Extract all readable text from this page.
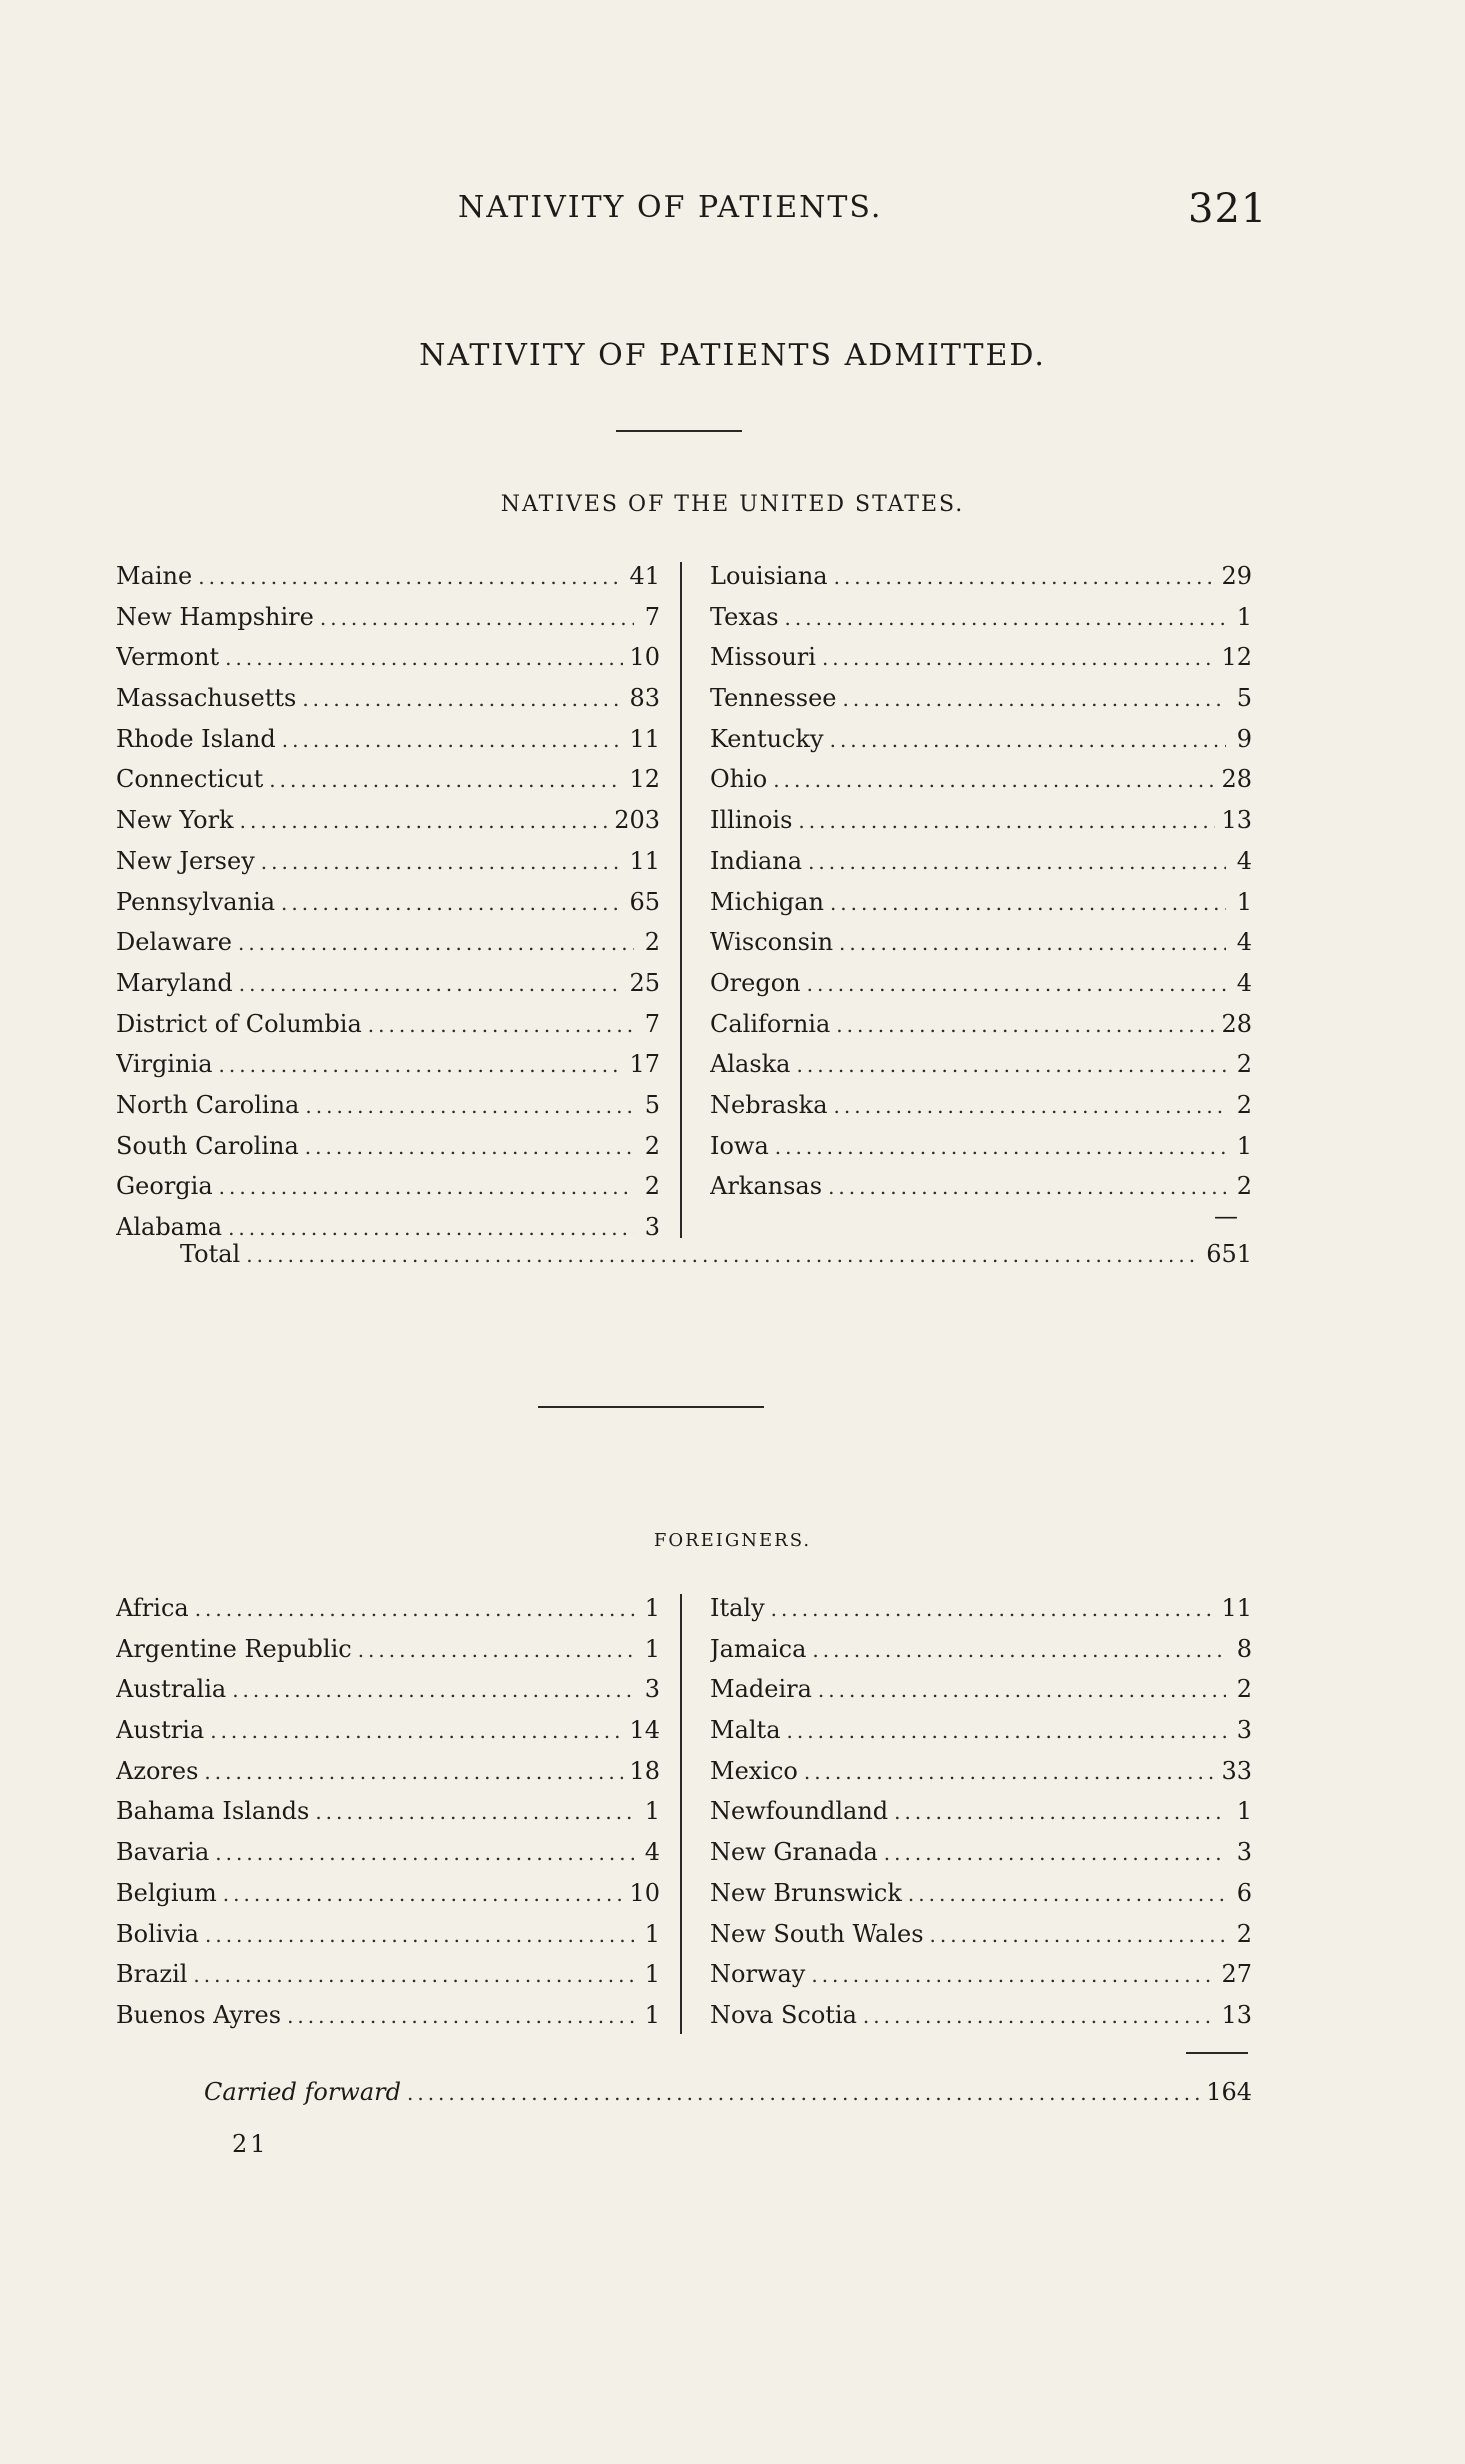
NATIVITY OF PATIENTS.	321
NATIVITY OF PATIENTS ADMITTED.
NATIVES OF THE UNITED STATES.
Maine .....	41
New Hampshire .....	7
Vermont .....	10
Massachusetts .....	83
Rhode Island .....	11
Connecticut .....	12
New York .....	203
New Jersey .....	11
Pennsylvania .....	65
Delaware .....	2
Maryland .....	25
District of Columbia .....	7
Virginia .....	17
North Carolina .....	5
South Carolina .....	2
Georgia .....	2
Alabama .....	3
Louisiana .....	29
Texas .....	1
Missouri .....	12
Tennessee .....	5
Kentucky .....	9
Ohio .....	28
Illinois .....	13
Indiana .....	4
Michigan .....	1
Wisconsin .....	4
Oregon .....	4
California .....	28
Alaska .....	2
Nebraska .....	2
Iowa .....	1
Arkansas .....	2
—
Total .....	651
FOREIGNERS.
Africa .....	1
Argentine Republic .....	1
Australia .....	3
Austria .....	14
Azores .....	18
Bahama Islands .....	1
Bavaria .....	4
Belgium .....	10
Bolivia .....	1
Brazil .....	1
Buenos Ayres .....	1
Italy .....	11
Jamaica .....	8
Madeira .....	2
Malta .....	3
Mexico .....	33
Newfoundland .....	1
New Granada .....	3
New Brunswick .....	6
New South Wales .....	2
Norway .....	27
Nova Scotia .....	13
Carried forward .....	164
21
